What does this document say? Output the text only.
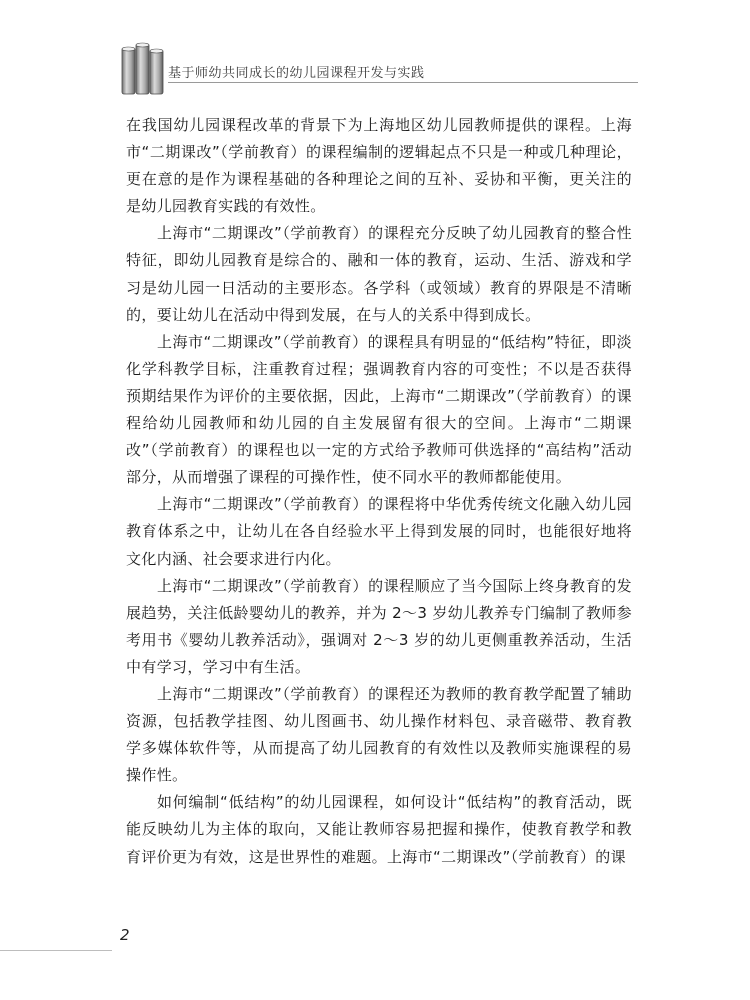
基于师幼共同成长的幼儿园课程开发与实践

在我国幼儿园课程改革的背景下为上海地区幼儿园教师提供的课程。上海市“二期课改”（学前教育）的课程编制的逻辑起点不只是一种或几种理论，更在意的是作为课程基础的各种理论之间的互补、妥协和平衡，更关注的是幼儿园教育实践的有效性。

上海市“二期课改”（学前教育）的课程充分反映了幼儿园教育的整合性特征，即幼儿园教育是综合的、融和一体的教育，运动、生活、游戏和学习是幼儿园一日活动的主要形态。各学科（或领域）教育的界限是不清晰的，要让幼儿在活动中得到发展，在与人的关系中得到成长。

上海市“二期课改”（学前教育）的课程具有明显的“低结构”特征，即淡化学科教学目标，注重教育过程；强调教育内容的可变性；不以是否获得预期结果作为评价的主要依据，因此，上海市“二期课改”（学前教育）的课程给幼儿园教师和幼儿园的自主发展留有很大的空间。上海市“二期课改”（学前教育）的课程也以一定的方式给予教师可供选择的“高结构”活动部分，从而增强了课程的可操作性，使不同水平的教师都能使用。

上海市“二期课改”（学前教育）的课程将中华优秀传统文化融入幼儿园教育体系之中，让幼儿在各自经验水平上得到发展的同时，也能很好地将文化内涵、社会要求进行内化。

上海市“二期课改”（学前教育）的课程顺应了当今国际上终身教育的发展趋势，关注低龄婴幼儿的教养，并为 2～3 岁幼儿教养专门编制了教师参考用书《婴幼儿教养活动》，强调对 2～3 岁的幼儿更侧重教养活动，生活中有学习，学习中有生活。

上海市“二期课改”（学前教育）的课程还为教师的教育教学配置了辅助资源，包括教学挂图、幼儿图画书、幼儿操作材料包、录音磁带、教育教学多媒体软件等，从而提高了幼儿园教育的有效性以及教师实施课程的易操作性。

如何编制“低结构”的幼儿园课程，如何设计“低结构”的教育活动，既能反映幼儿为主体的取向，又能让教师容易把握和操作，使教育教学和教育评价更为有效，这是世界性的难题。上海市“二期课改”（学前教育）的课

2
